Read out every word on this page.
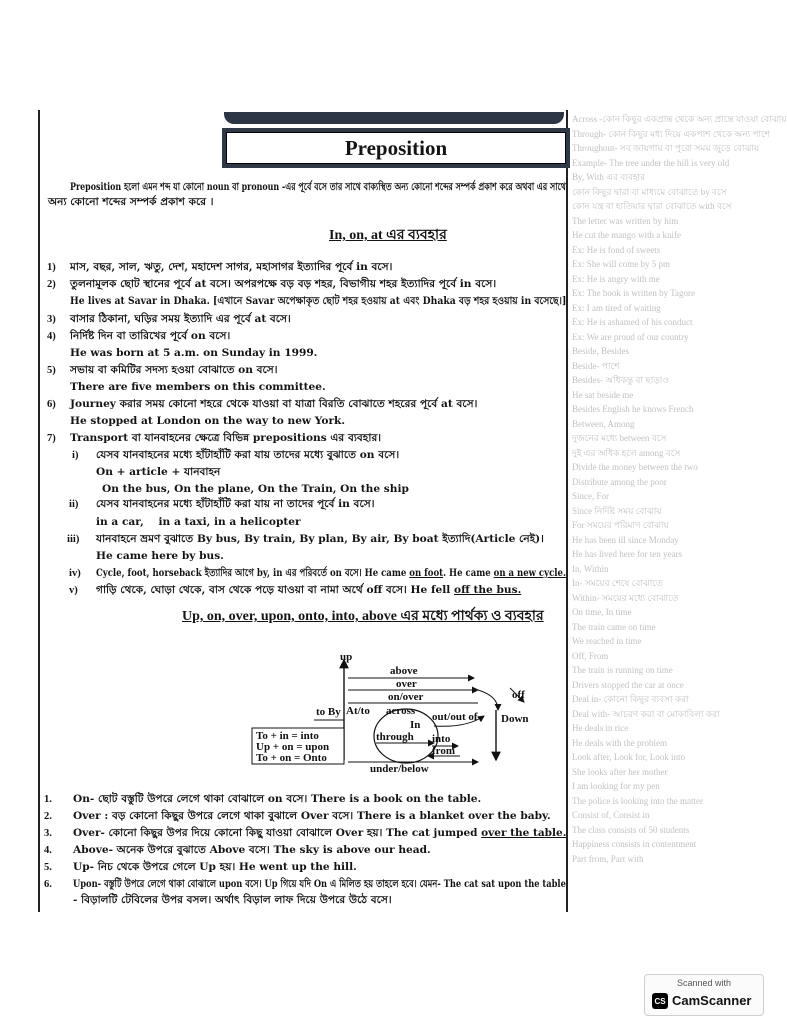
Across -কোন কিছুর একপ্রান্ত থেকে অন্য প্রান্তে যাওয়া বোঝায়
Through- কোন কিছুর মধ্য দিয়ে একপাশ থেকে অন্য পাশে
Throughout- সব জায়গায় বা পুরো সময় জুড়ে বোঝায়
Example- The tree under the hill is very old
By, With এর ব্যবহার
কোন কিছুর দ্বারা বা মাধ্যমে বোঝাতে by বসে
কোন যন্ত্র বা হাতিয়ার দ্বারা বোঝাতে with বসে
The letter was written by him
He cut the mango with a knife
Ex: He is fond of sweets
Ex: She will come by 5 pm
Ex: He is angry with me
Ex: The book is written by Tagore
Ex: I am tired of waiting
Ex: He is ashamed of his conduct
Ex: We are proud of our country
Beside, Besides
Beside- পাশে
Besides- অধিকন্তু বা ছাড়াও
He sat beside me
Besides English he knows French
Between, Among
দুজনের মধ্যে between বসে
দুই এর অধিক হলে among বসে
Divide the money between the two
Distribute among the poor
Since, For
Since নির্দিষ্ট সময় বোঝায়
For সময়ের পরিমাণ বোঝায়
He has been ill since Monday
He has lived here for ten years
In, Within
In- সময়ের শেষে বোঝাতে
Within- সময়ের মধ্যে বোঝাতে
On time, In time
The train came on time
We reached in time
Off, From
The train is running on time
Drivers stopped the car at once
Deal in- কোনো কিছুর ব্যবসা করা
Deal with- আচরণ করা বা মোকাবিলা করা
He deals in rice
He deals with the problem
Look after, Look for, Look into
She looks after her mother
I am looking for my pen
The police is looking into the matter
Consist of, Consist in
The class consists of 50 students
Happiness consists in contentment
Part from, Part with
Preposition
Preposition হলো এমন শব্দ যা কোনো noun বা pronoun -এর পূর্বে বসে তার সাথে বাক্যস্থিত অন্য কোনো শব্দের সম্পর্ক প্রকাশ করে অথবা এর সাথে
অন্য কোনো শব্দের সম্পর্ক প্রকাশ করে ।
In, on, at এর ব্যবহার
1) মাস, বছর, সাল, ঋতু, দেশ, মহাদেশ সাগর, মহাসাগর ইত্যাদির পূর্বে in বসে।
2) তুলনামূলক ছোট স্থানের পূর্বে at বসে। অপরপক্ষে বড় বড় শহর, বিভাগীয় শহর ইত্যাদির পূর্বে in বসে।
He lives at Savar in Dhaka. [এখানে Savar অপেক্ষাকৃত ছোট শহর হওয়ায় at এবং Dhaka বড় শহর হওয়ায় in বসেছে।]
3) বাসার ঠিকানা, ঘড়ির সময় ইত্যাদি এর পূর্বে at বসে।
4) নির্দিষ্ট দিন বা তারিখের পূর্বে on বসে।
He was born at 5 a.m. on Sunday in 1999.
5) সভায় বা কমিটির সদস্য হওয়া বোঝাতে on বসে।
There are five members on this committee.
6) Journey করার সময় কোনো শহরে থেকে যাওয়া বা যাত্রা বিরতি বোঝাতে শহরের পূর্বে at বসে।
He stopped at London on the way to new York.
7) Transport বা যানবাহনের ক্ষেত্রে বিভিন্ন prepositions এর ব্যবহার।
i) যেসব যানবাহনের মধ্যে হাঁটাহাঁটি করা যায় তাদের মধ্যে বুঝাতে on বসে।
On + article + যানবাহন
On the bus, On the plane, On the Train, On the ship
ii) যেসব যানবাহনের মধ্যে হাঁটাহাঁটি করা যায় না তাদের পূর্বে in বসে।
in a car,    in a taxi, in a helicopter
iii) যানবাহনে ভ্রমণ বুঝাতে By bus, By train, By plan, By air, By boat ইত্যাদি(Article নেই)।
He came here by bus.
iv) Cycle, foot, horseback ইত্যাদির আগে by, in এর পরিবর্তে on বসে। He came on foot. He came on a new cycle.
v) গাড়ি থেকে, ঘোড়া থেকে, বাস থেকে পড়ে যাওয়া বা নামা অর্থে off বসে। He fell off the bus.
Up, on, over, upon, onto, into, above এর মধ্যে পার্থক্য ও ব্যবহার
up
above
over
on/over	off
to By At/to across
In
through
out/out of Down
into
from
under/below
To + in = into
Up + on = upon
To + on = Onto
1. On- ছোট বস্তুটি উপরে লেগে থাকা বোঝালে on বসে। There is a book on the table.
2. Over : বড় কোনো কিছুর উপরে লেগে থাকা বুঝালে Over বসে। There is a blanket over the baby.
3. Over- কোনো কিছুর উপর দিয়ে কোনো কিছু যাওয়া বোঝালে Over হয়। The cat jumped over the table.
4. Above- অনেক উপরে বুঝাতে Above বসে। The sky is above our head.
5. Up- নিচ থেকে উপরে গেলে Up হয়। He went up the hill.
6. Upon- বস্তুটি উপরে লেগে থাকা বোঝালে upon বসে। Up গিয়ে যদি On এ মিলিত হয় তাহলে হবে। যেমন- The cat sat upon the table
- বিড়ালটি টেবিলের উপর বসল। অর্থাৎ বিড়াল লাফ দিয়ে উপরে উঠে বসে।
Scanned with
CS CamScanner
